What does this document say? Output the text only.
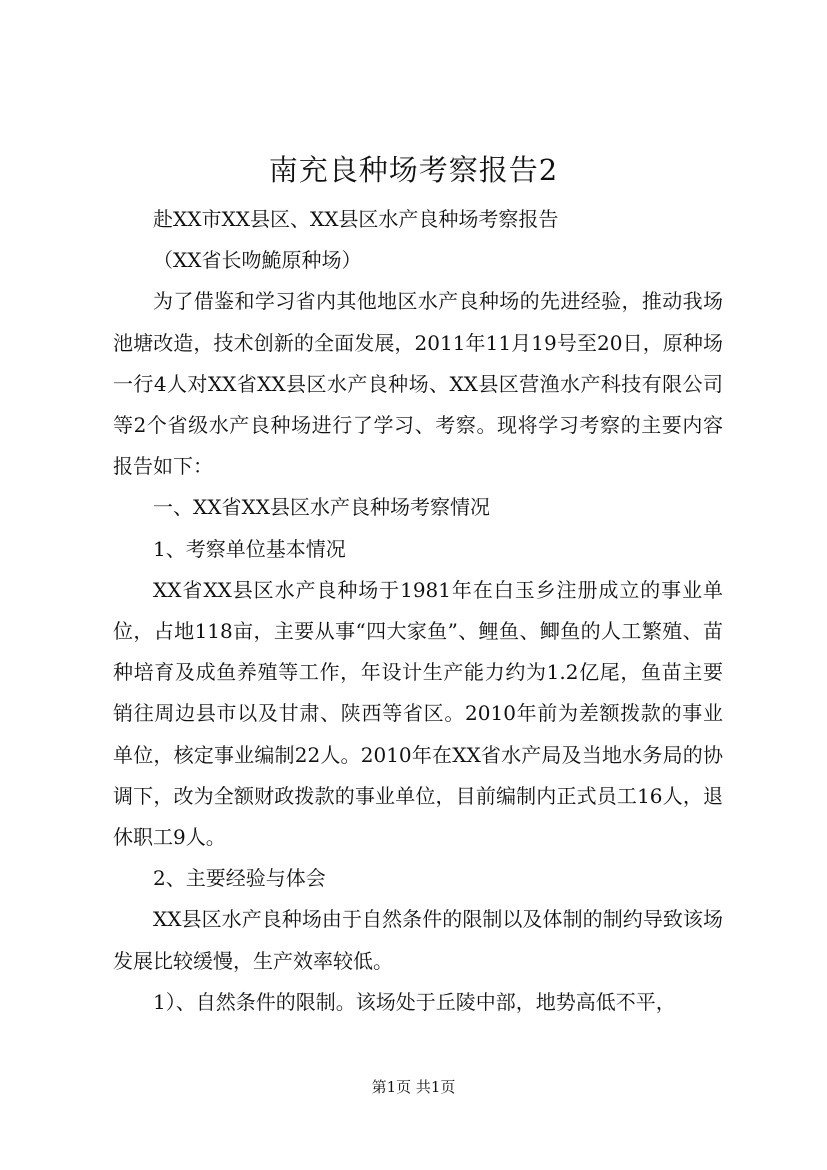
南充良种场考察报告2

赴XX市XX县区、XX县区水产良种场考察报告

（XX省长吻鮠原种场）

为了借鉴和学习省内其他地区水产良种场的先进经验，推动我场池塘改造，技术创新的全面发展，2011年11月19号至20日，原种场一行4人对XX省XX县区水产良种场、XX县区营渔水产科技有限公司等2个省级水产良种场进行了学习、考察。现将学习考察的主要内容报告如下：

一、XX省XX县区水产良种场考察情况

1、考察单位基本情况

XX省XX县区水产良种场于1981年在白玉乡注册成立的事业单位，占地118亩，主要从事“四大家鱼”、鲤鱼、鲫鱼的人工繁殖、苗种培育及成鱼养殖等工作，年设计生产能力约为1.2亿尾，鱼苗主要销往周边县市以及甘肃、陕西等省区。2010年前为差额拨款的事业单位，核定事业编制22人。2010年在XX省水产局及当地水务局的协调下，改为全额财政拨款的事业单位，目前编制内正式员工16人，退休职工9人。

2、主要经验与体会

XX县区水产良种场由于自然条件的限制以及体制的制约导致该场发展比较缓慢，生产效率较低。

1）、自然条件的限制。该场处于丘陵中部，地势高低不平，

第1页 共1页
